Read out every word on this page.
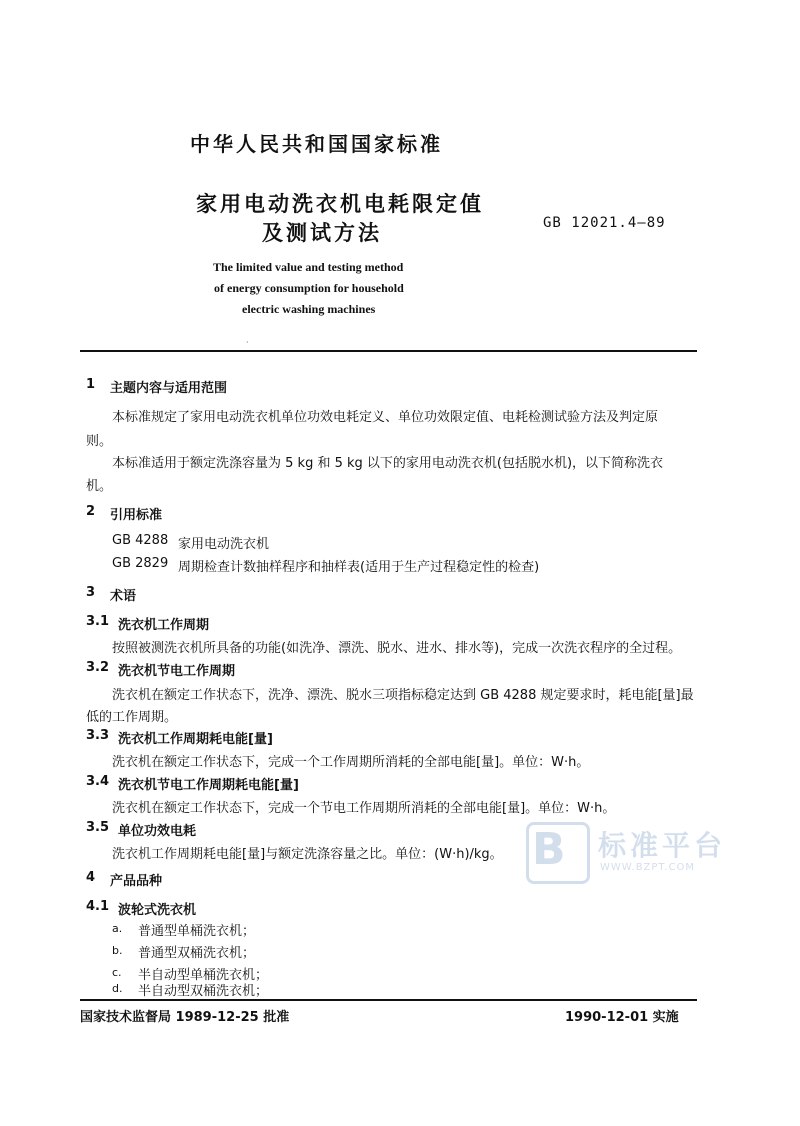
中华人民共和国国家标准
家用电动洗衣机电耗限定值
及测试方法	GB 12021.4—89
The limited value and testing method
of energy consumption for household
electric washing machines
·
1 主题内容与适用范围
本标准规定了家用电动洗衣机单位功效电耗定义、单位功效限定值、电耗检测试验方法及判定原
则。
本标准适用于额定洗涤容量为 5 kg 和 5 kg 以下的家用电动洗衣机(包括脱水机)，以下简称洗衣
机。
2 引用标准
GB 4288 家用电动洗衣机
GB 2829 周期检查计数抽样程序和抽样表(适用于生产过程稳定性的检查)
3 术语
3.1 洗衣机工作周期
按照被测洗衣机所具备的功能(如洗净、漂洗、脱水、进水、排水等)，完成一次洗衣程序的全过程。
3.2 洗衣机节电工作周期
洗衣机在额定工作状态下，洗净、漂洗、脱水三项指标稳定达到 GB 4288 规定要求时，耗电能[量]最
低的工作周期。
3.3 洗衣机工作周期耗电能[量]
洗衣机在额定工作状态下，完成一个工作周期所消耗的全部电能[量]。单位：W·h。
3.4 洗衣机节电工作周期耗电能[量]
洗衣机在额定工作状态下，完成一个节电工作周期所消耗的全部电能[量]。单位：W·h。
3.5 单位功效电耗
洗衣机工作周期耗电能[量]与额定洗涤容量之比。单位：(W·h)/kg。
4 产品品种
4.1 波轮式洗衣机
a. 普通型单桶洗衣机；
b. 普通型双桶洗衣机；
c. 半自动型单桶洗衣机；
d. 半自动型双桶洗衣机；
国家技术监督局 1989-12-25 批准	1990-12-01 实施
B 标准平台
WWW.BZPT.COM
